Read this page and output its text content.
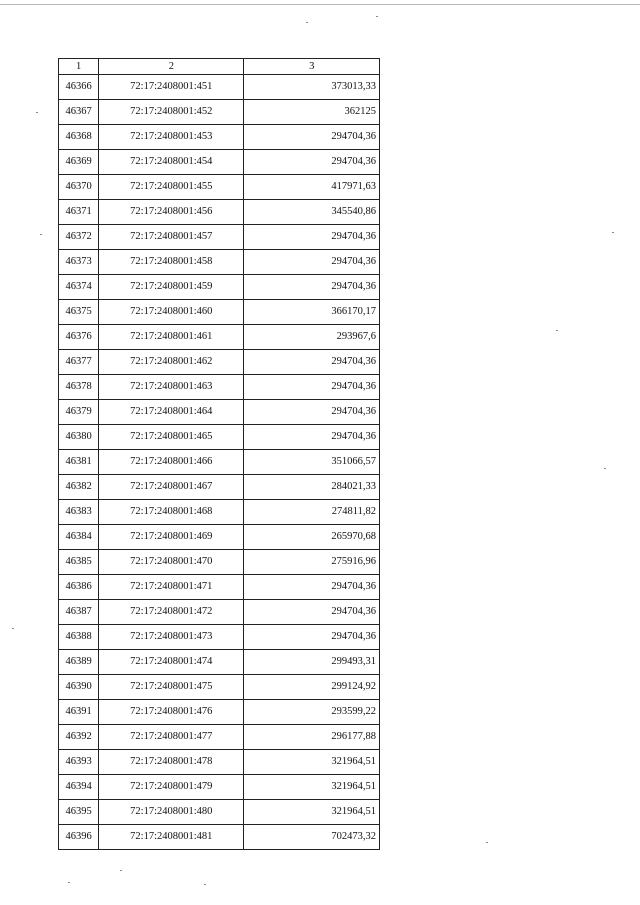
1	2	3
46366	72:17:2408001:451	373013,33
46367	72:17:2408001:452	362125
46368	72:17:2408001:453	294704,36
46369	72:17:2408001:454	294704,36
46370	72:17:2408001:455	417971,63
46371	72:17:2408001:456	345540,86
46372	72:17:2408001:457	294704,36
46373	72:17:2408001:458	294704,36
46374	72:17:2408001:459	294704,36
46375	72:17:2408001:460	366170,17
46376	72:17:2408001:461	293967,6
46377	72:17:2408001:462	294704,36
46378	72:17:2408001:463	294704,36
46379	72:17:2408001:464	294704,36
46380	72:17:2408001:465	294704,36
46381	72:17:2408001:466	351066,57
46382	72:17:2408001:467	284021,33
46383	72:17:2408001:468	274811,82
46384	72:17:2408001:469	265970,68
46385	72:17:2408001:470	275916,96
46386	72:17:2408001:471	294704,36
46387	72:17:2408001:472	294704,36
46388	72:17:2408001:473	294704,36
46389	72:17:2408001:474	299493,31
46390	72:17:2408001:475	299124,92
46391	72:17:2408001:476	293599,22
46392	72:17:2408001:477	296177,88
46393	72:17:2408001:478	321964,51
46394	72:17:2408001:479	321964,51
46395	72:17:2408001:480	321964,51
46396	72:17:2408001:481	702473,32
